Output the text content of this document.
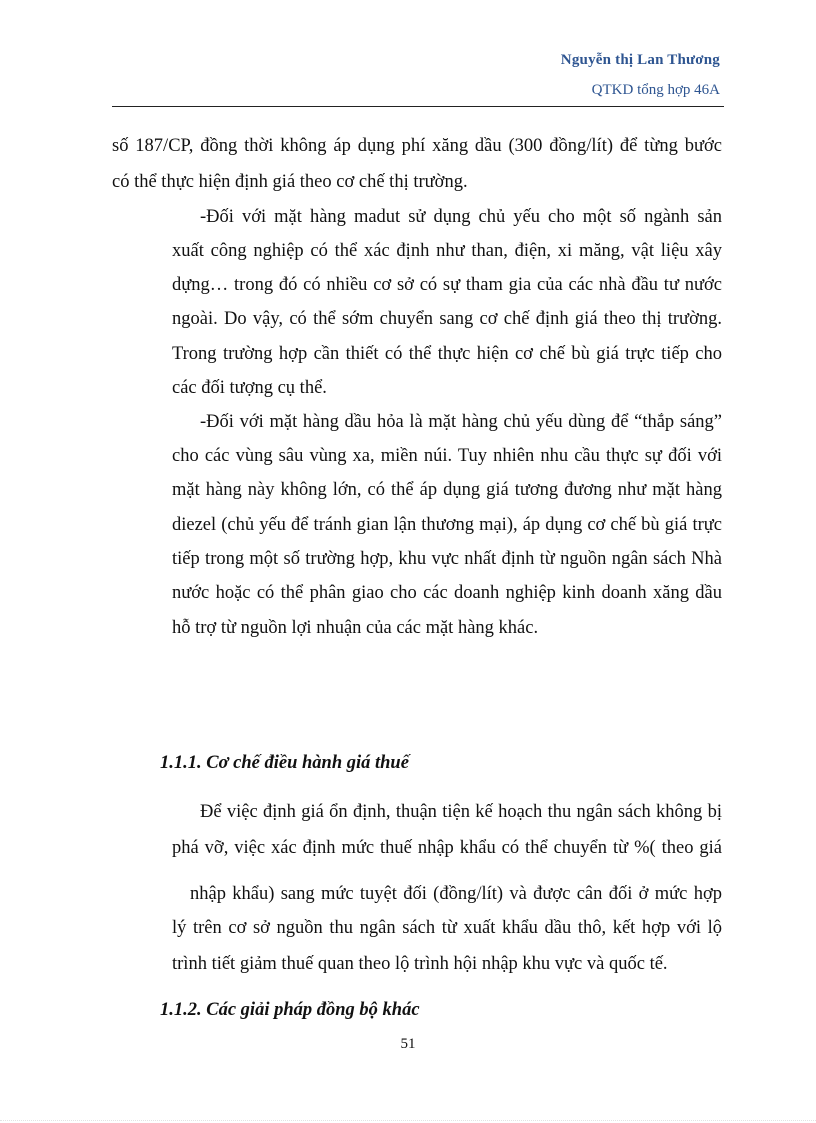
Nguyễn thị Lan Thương
QTKD tổng hợp 46A
số 187/CP, đồng thời không áp dụng phí xăng dầu (300 đồng/lít) để từng bước
có thể thực hiện định giá theo cơ chế thị trường.
-Đối với mặt hàng madut sử dụng chủ yếu cho một số ngành sản
xuất công nghiệp có thể xác định như than, điện, xi măng, vật liệu xây
dựng… trong đó có nhiều cơ sở có sự tham gia của các nhà đầu tư nước
ngoài. Do vậy, có thể sớm chuyển sang cơ chế định giá theo thị trường.
Trong trường hợp cần thiết có thể thực hiện cơ chế bù giá trực tiếp cho
các đối tượng cụ thể.
-Đối với mặt hàng dầu hỏa là mặt hàng chủ yếu dùng để “thắp sáng”
cho các vùng sâu vùng xa, miền núi. Tuy nhiên nhu cầu thực sự đối với
mặt hàng này không lớn, có thể áp dụng giá tương đương như mặt hàng
diezel (chủ yếu để tránh gian lận thương mại), áp dụng cơ chế bù giá trực
tiếp trong một số trường hợp, khu vực nhất định từ nguồn ngân sách Nhà
nước hoặc có thể phân giao cho các doanh nghiệp kinh doanh xăng dầu
hỗ trợ từ nguồn lợi nhuận của các mặt hàng khác.
1.1.1. Cơ chế điều hành giá thuế
Để việc định giá ổn định, thuận tiện kế hoạch thu ngân sách không bị
phá vỡ, việc xác định mức thuế nhập khẩu có thể chuyển từ %( theo giá
nhập khẩu) sang mức tuyệt đối (đồng/lít) và được cân đối ở mức hợp
lý trên cơ sở nguồn thu ngân sách từ xuất khẩu dầu thô, kết hợp với lộ
trình tiết giảm thuế quan theo lộ trình hội nhập khu vực và quốc tế.
1.1.2. Các giải pháp đồng bộ khác
51
